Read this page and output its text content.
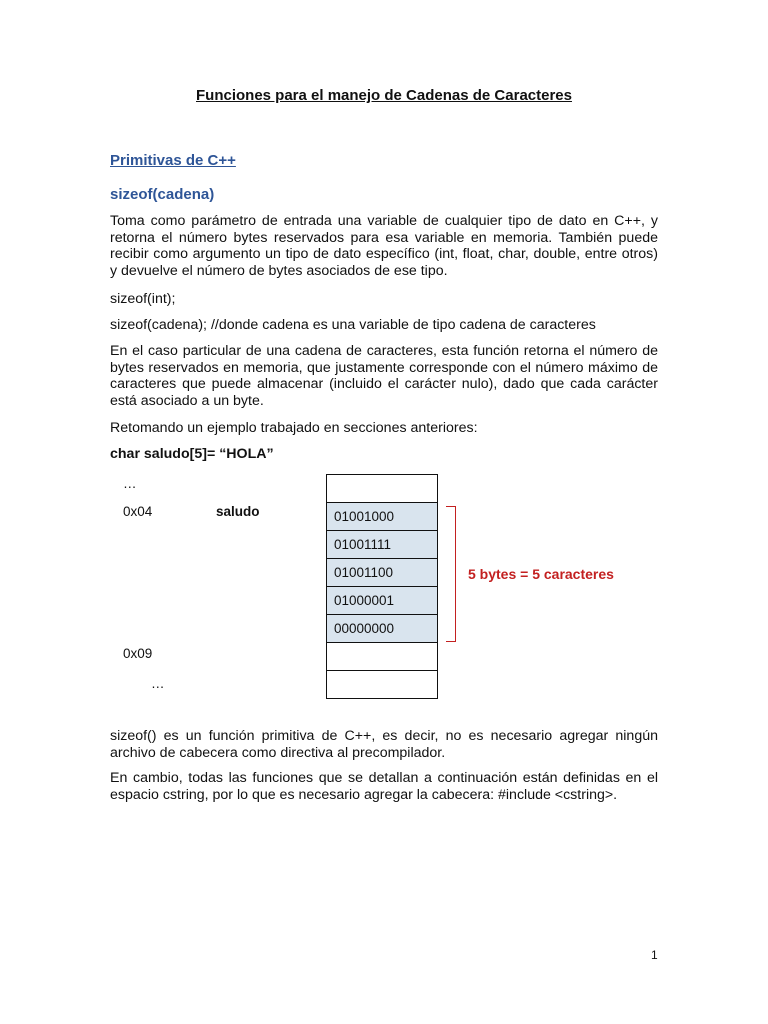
Funciones para el manejo de Cadenas de Caracteres
Primitivas de C++
sizeof(cadena)
Toma como parámetro de entrada una variable de cualquier tipo de dato en C++, y retorna el número bytes reservados para esa variable en memoria. También puede recibir como argumento un tipo de dato específico (int, float, char, double, entre otros) y devuelve el número de bytes asociados de ese tipo.
sizeof(int);
sizeof(cadena); //donde cadena es una variable de tipo cadena de caracteres
En el caso particular de una cadena de caracteres, esta función retorna el número de bytes reservados en memoria, que justamente corresponde con el número máximo de caracteres que puede almacenar (incluido el carácter nulo), dado que cada carácter está asociado a un byte.
Retomando un ejemplo trabajado en secciones anteriores:
char saludo[5]= “HOLA”
…
0x04	saludo
0x09
…
01001000
01001111
01001100
01000001
00000000
5 bytes = 5 caracteres
sizeof() es un función primitiva de C++, es decir, no es necesario agregar ningún archivo de cabecera como directiva al precompilador.
En cambio, todas las funciones que se detallan a continuación están definidas en el espacio cstring, por lo que es necesario agregar la cabecera: #include <cstring>.
1
